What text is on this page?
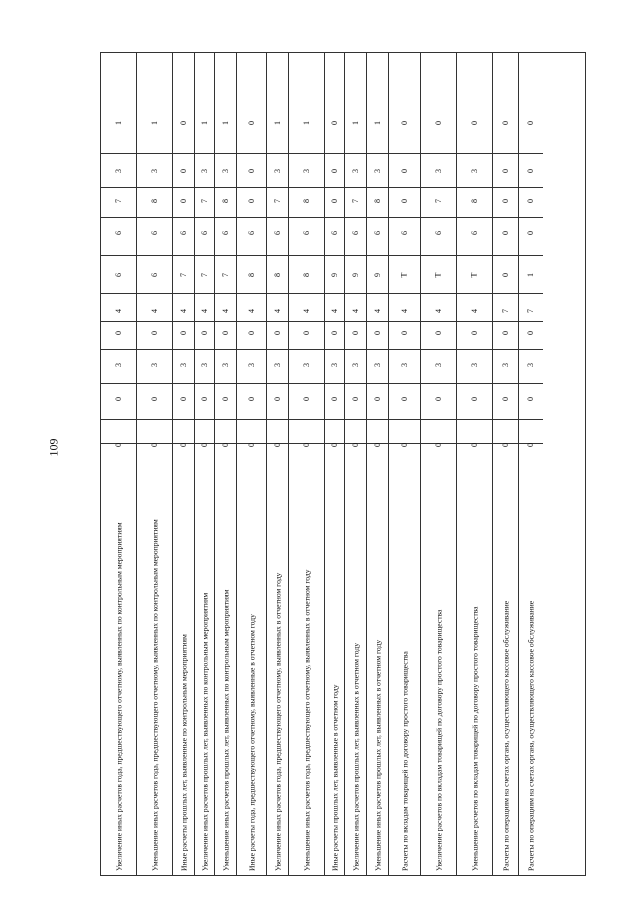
109
Увеличение иных расчетов года, предшествующего отчетному, выявленных по контрольным мероприятиям
0
0
3
0
4
6
6
7
3
1
Уменьшение иных расчетов года, предшествующего отчетному, выявленных по контрольным мероприятиям
0
0
3
0
4
6
6
8
3
1
Иные расчеты прошлых лет, выявленные по контрольным мероприятиям
0
0
3
0
4
7
6
0
0
0
Увеличение иных расчетов прошлых лет, выявленных по контрольным мероприятиям
0
0
3
0
4
7
6
7
3
1
Уменьшение иных расчетов прошлых лет, выявленных по контрольным мероприятиям
0
0
3
0
4
7
6
8
3
1
Иные расчеты года, предшествующего отчетному, выявленные в отчетном году
0
0
3
0
4
8
6
0
0
0
Увеличение иных расчетов года, предшествующего отчетному, выявленных в отчетном году
0
0
3
0
4
8
6
7
3
1
Уменьшение иных расчетов года, предшествующего отчетному, выявленных в отчетном году
0
0
3
0
4
8
6
8
3
1
Иные расчеты прошлых лет, выявленные в отчетном году
0
0
3
0
4
9
6
0
0
0
Увеличение иных расчетов прошлых лет, выявленных в отчетном году
0
0
3
0
4
9
6
7
3
1
Уменьшение иных расчетов прошлых лет, выявленных в отчетном году
0
0
3
0
4
9
6
8
3
1
Расчеты по вкладам товарищей по договору простого товарищества
0
0
3
0
4
Т
6
0
0
0
Увеличение расчетов по вкладам товарищей по договору простого товарищества
0
0
3
0
4
Т
6
7
3
0
Уменьшение расчетов по вкладам товарищей по договору простого товарищества
0
0
3
0
4
Т
6
8
3
0
Расчеты по операциям на счетах органа, осуществляющего кассовое обслуживание
0
0
3
0
7
0
0
0
0
0
Расчеты по операциям на счетах органа, осуществляющего кассовое обслуживание
0
0
3
0
7
1
0
0
0
0
